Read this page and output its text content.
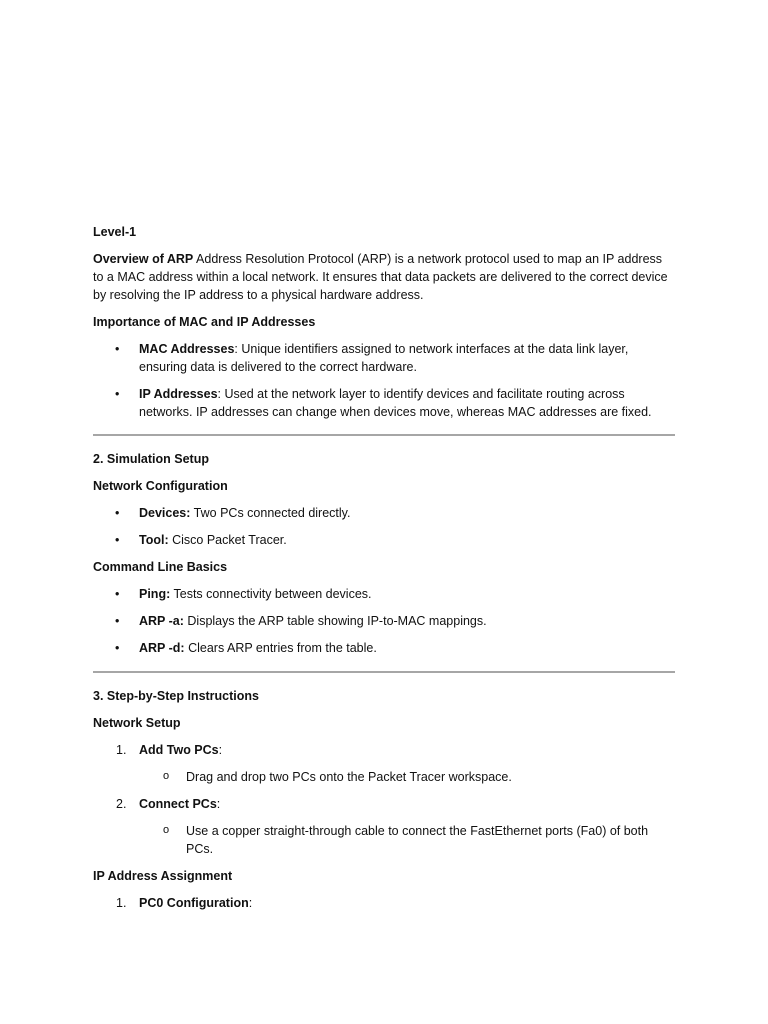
Level-1

Overview of ARP Address Resolution Protocol (ARP) is a network protocol used to map an IP address to a MAC address within a local network. It ensures that data packets are delivered to the correct device by resolving the IP address to a physical hardware address.

Importance of MAC and IP Addresses

• MAC Addresses: Unique identifiers assigned to network interfaces at the data link layer, ensuring data is delivered to the correct hardware.
• IP Addresses: Used at the network layer to identify devices and facilitate routing across networks. IP addresses can change when devices move, whereas MAC addresses are fixed.

2. Simulation Setup

Network Configuration

• Devices: Two PCs connected directly.
• Tool: Cisco Packet Tracer.

Command Line Basics

• Ping: Tests connectivity between devices.
• ARP -a: Displays the ARP table showing IP-to-MAC mappings.
• ARP -d: Clears ARP entries from the table.

3. Step-by-Step Instructions

Network Setup

1. Add Two PCs:
o Drag and drop two PCs onto the Packet Tracer workspace.
2. Connect PCs:
o Use a copper straight-through cable to connect the FastEthernet ports (Fa0) of both PCs.

IP Address Assignment

1. PC0 Configuration:
